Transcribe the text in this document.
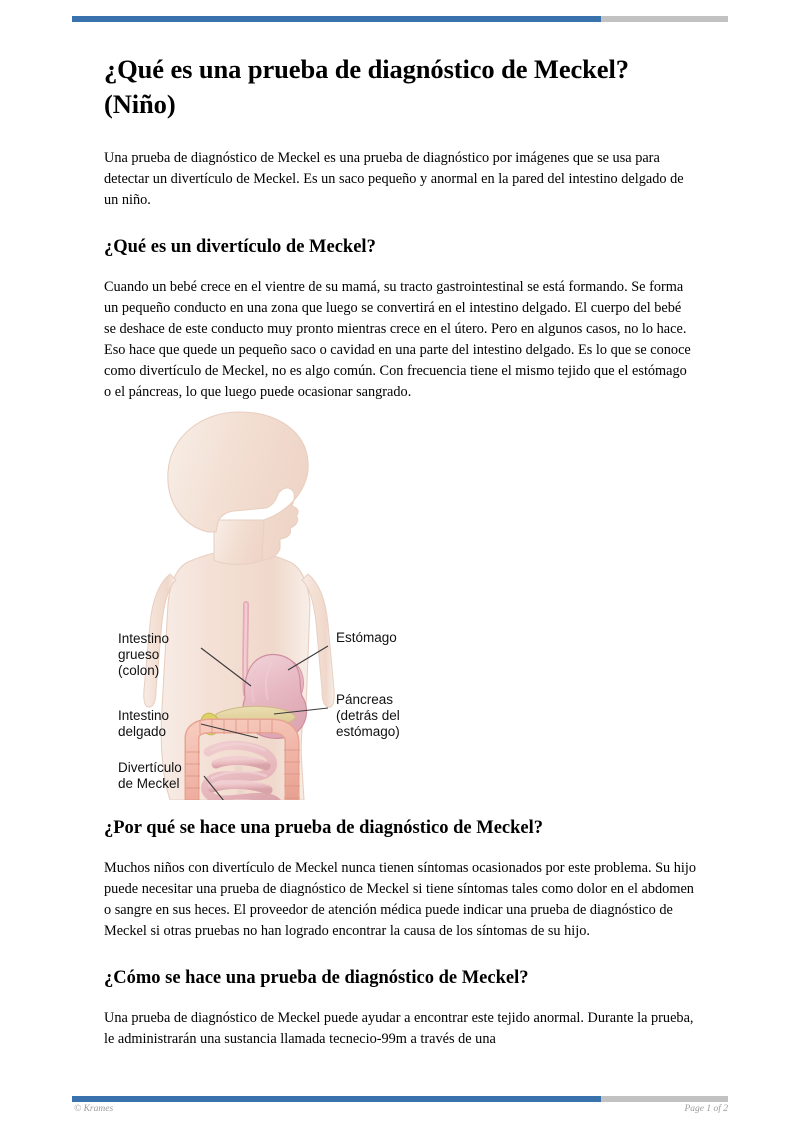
¿Qué es una prueba de diagnóstico de Meckel? (Niño)

Una prueba de diagnóstico de Meckel es una prueba de diagnóstico por imágenes que se usa para detectar un divertículo de Meckel. Es un saco pequeño y anormal en la pared del intestino delgado de un niño.

¿Qué es un divertículo de Meckel?

Cuando un bebé crece en el vientre de su mamá, su tracto gastrointestinal se está formando. Se forma un pequeño conducto en una zona que luego se convertirá en el intestino delgado. El cuerpo del bebé se deshace de este conducto muy pronto mientras crece en el útero. Pero en algunos casos, no lo hace. Eso hace que quede un pequeño saco o cavidad en una parte del intestino delgado. Es lo que se conoce como divertículo de Meckel, no es algo común. Con frecuencia tiene el mismo tejido que el estómago o el páncreas, lo que luego puede ocasionar sangrado.

Intestino
grueso
(colon)
Intestino
delgado
Divertículo
de Meckel
Estómago
Páncreas
(detrás del
estómago)
¿Por qué se hace una prueba de diagnóstico de Meckel?

Muchos niños con divertículo de Meckel nunca tienen síntomas ocasionados por este problema. Su hijo puede necesitar una prueba de diagnóstico de Meckel si tiene síntomas tales como dolor en el abdomen o sangre en sus heces. El proveedor de atención médica puede indicar una prueba de diagnóstico de Meckel si otras pruebas no han logrado encontrar la causa de los síntomas de su hijo.

¿Cómo se hace una prueba de diagnóstico de Meckel?

Una prueba de diagnóstico de Meckel puede ayudar a encontrar este tejido anormal. Durante la prueba, le administrarán una sustancia llamada tecnecio-99m a través de una

© Krames	Page 1 of 2
